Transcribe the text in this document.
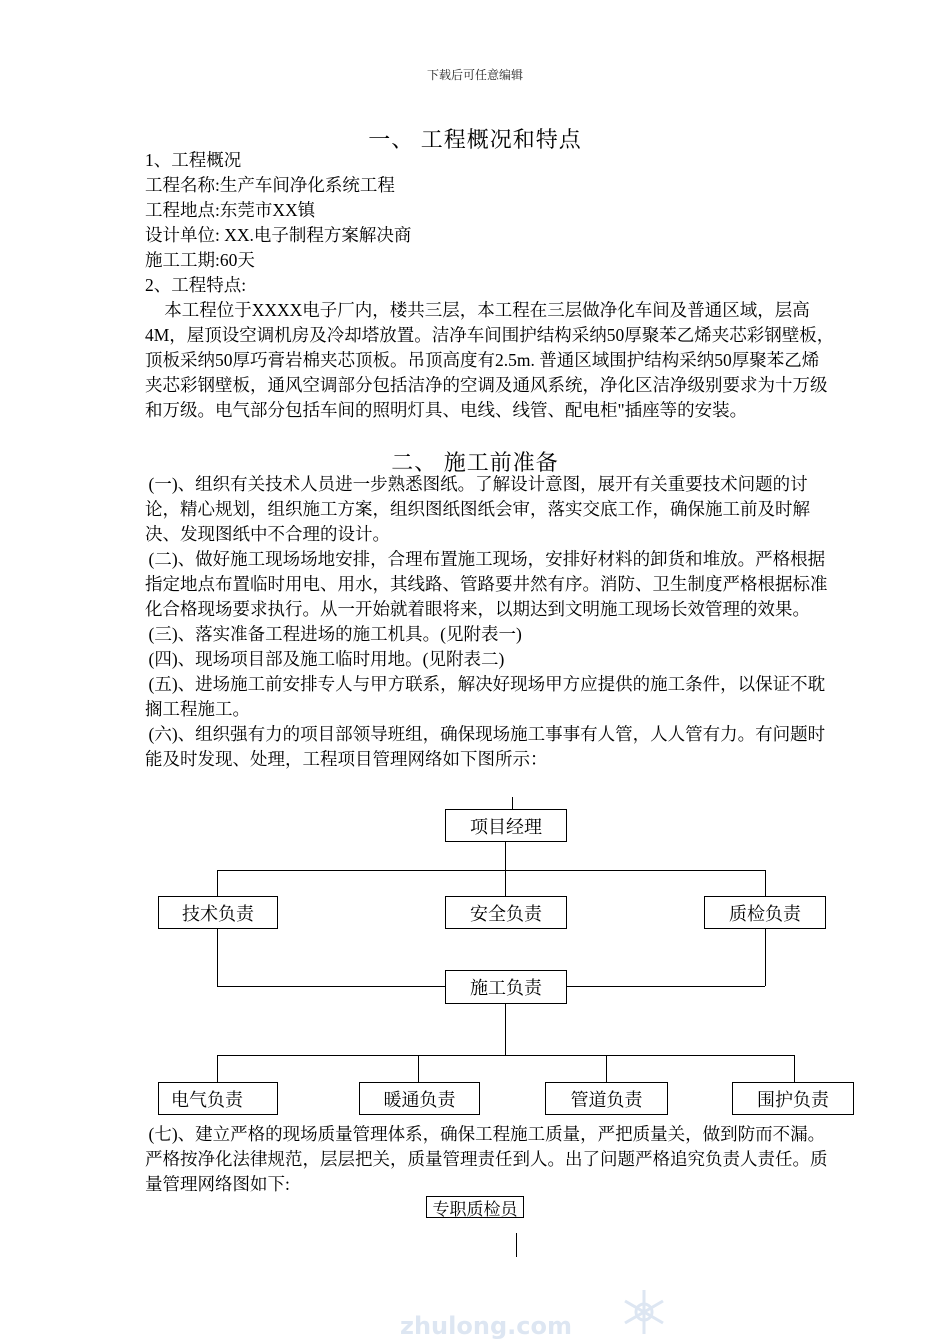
下载后可任意编辑
一、 工程概况和特点

1、工程概况

工程名称:生产车间净化系统工程

工程地点:东莞市XX镇

设计单位: XX.电子制程方案解决商

施工工期:60天

2、工程特点:

本工程位于XXXX电子厂内，楼共三层，本工程在三层做净化车间及普通区域，层高4M，屋顶设空调机房及冷却塔放置。洁净车间围护结构采纳50厚聚苯乙烯夹芯彩钢壁板，顶板采纳50厚巧膏岩棉夹芯顶板。吊顶高度有2.5m. 普通区域围护结构采纳50厚聚苯乙烯夹芯彩钢壁板，通风空调部分包括洁净的空调及通风系统，净化区洁净级别要求为十万级和万级。电气部分包括车间的照明灯具、电线、线管、配电柜"插座等的安装。

二、 施工前准备

(一)、组织有关技术人员进一步熟悉图纸。了解设计意图，展开有关重要技术问题的讨论，精心规划，组织施工方案，组织图纸图纸会审，落实交底工作，确保施工前及时解决、发现图纸中不合理的设计。

(二)、做好施工现场场地安排，合理布置施工现场，安排好材料的卸货和堆放。严格根据指定地点布置临时用电、用水，其线路、管路要井然有序。消防、卫生制度严格根据标准化合格现场要求执行。从一开始就着眼将来，以期达到文明施工现场长效管理的效果。

(三)、落实准备工程进场的施工机具。(见附表一)

(四)、现场项目部及施工临时用地。(见附表二)

(五)、进场施工前安排专人与甲方联系，解决好现场甲方应提供的施工条件，以保证不耽搁工程施工。

(六)、组织强有力的项目部领导班组，确保现场施工事事有人管，人人管有力。有问题时能及时发现、处理，工程项目管理网络如下图所示：

项目经理
技术负责	安全负责	质检负责
施工负责
电气负责	暖通负责	管道负责	围护负责

(七)、建立严格的现场质量管理体系，确保工程施工质量，严把质量关，做到防而不漏。严格按净化法律规范，层层把关，质量管理责任到人。出了问题严格追究负责人责任。质量管理网络图如下:

专职质检员
zhulong.com
